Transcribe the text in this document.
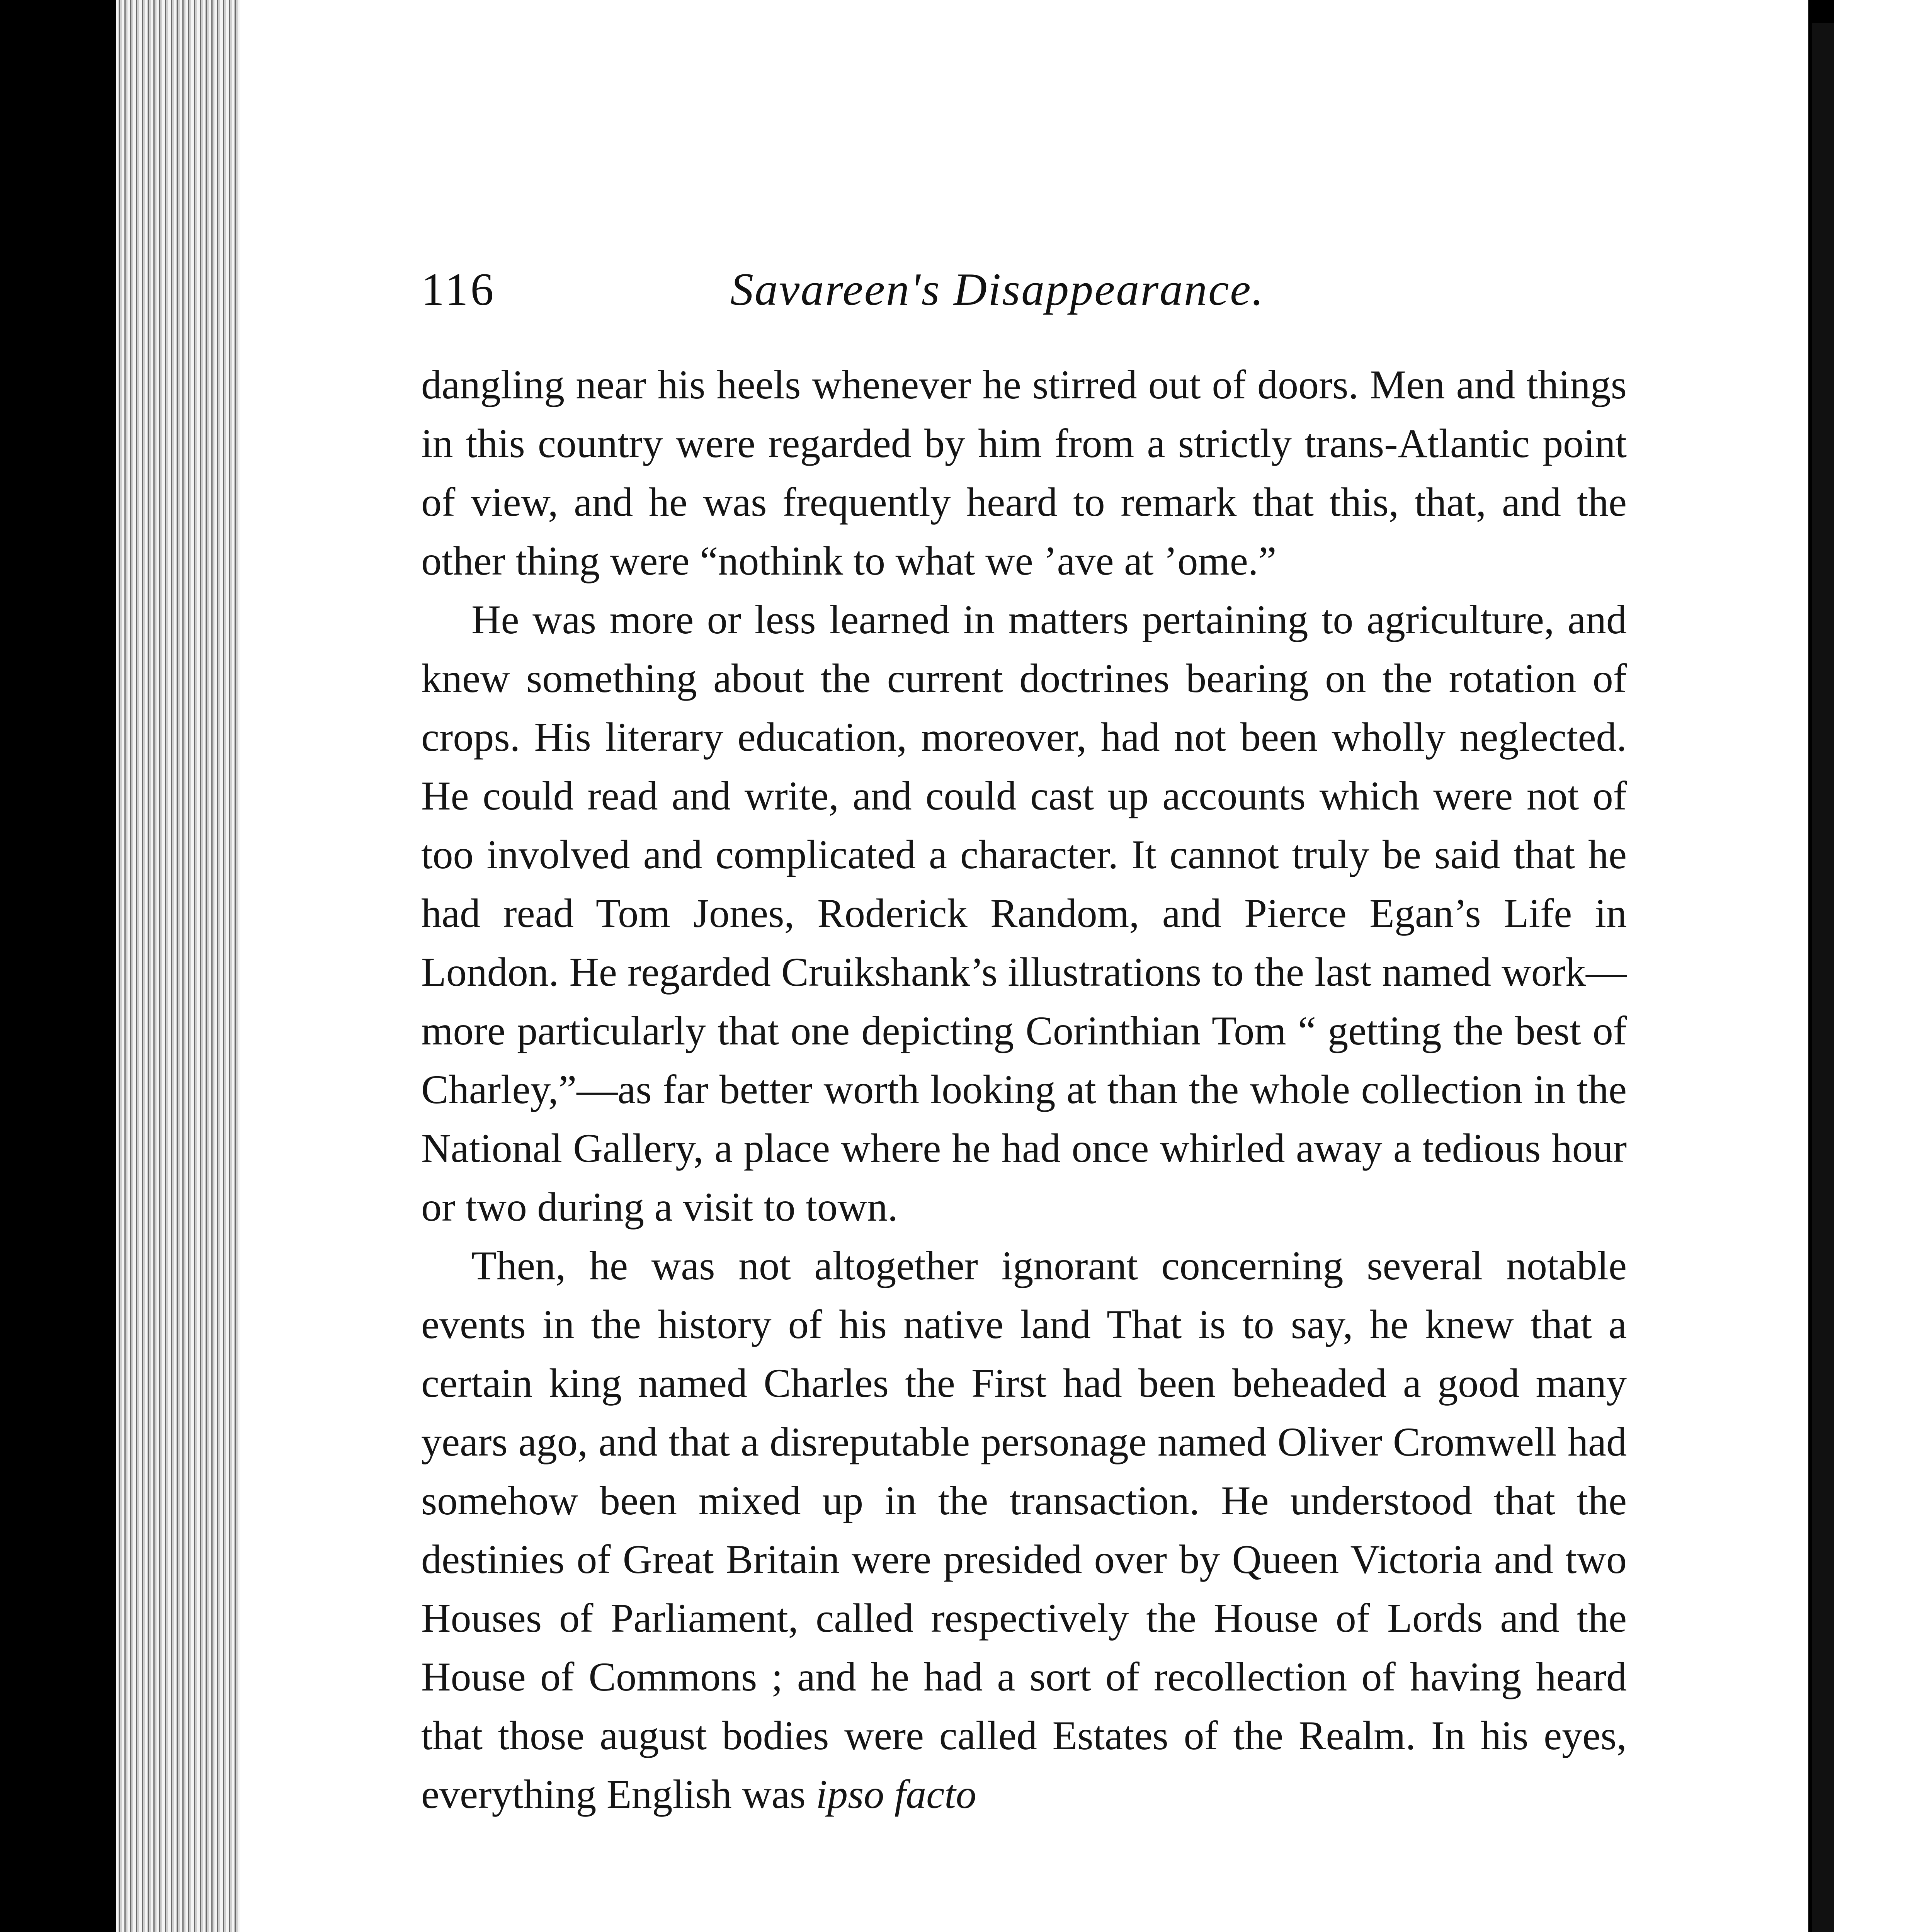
116	Savareen's Disappearance.

dangling near his heels whenever he stirred out of doors. Men and things in this country were regarded by him from a strictly trans-Atlantic point of view, and he was frequently heard to remark that this, that, and the other thing were “nothink to what we ’ave at ’ome.”

He was more or less learned in matters pertaining to agriculture, and knew something about the current doctrines bearing on the rotation of crops. His literary education, moreover, had not been wholly neglected. He could read and write, and could cast up accounts which were not of too involved and complicated a character. It cannot truly be said that he had read Tom Jones, Roderick Random, and Pierce Egan’s Life in London. He regarded Cruikshank’s illustrations to the last named work—more particularly that one depicting Corinthian Tom “ getting the best of Charley,”—as far better worth looking at than the whole collection in the National Gallery, a place where he had once whirled away a tedious hour or two during a visit to town.

Then, he was not altogether ignorant concerning several notable events in the history of his native land That is to say, he knew that a certain king named Charles the First had been beheaded a good many years ago, and that a disreputable personage named Oliver Cromwell had somehow been mixed up in the transaction. He understood that the destinies of Great Britain were presided over by Queen Victoria and two Houses of Parliament, called respectively the House of Lords and the House of Commons ; and he had a sort of recollection of having heard that those august bodies were called Estates of the Realm. In his eyes, everything English was ipso facto
